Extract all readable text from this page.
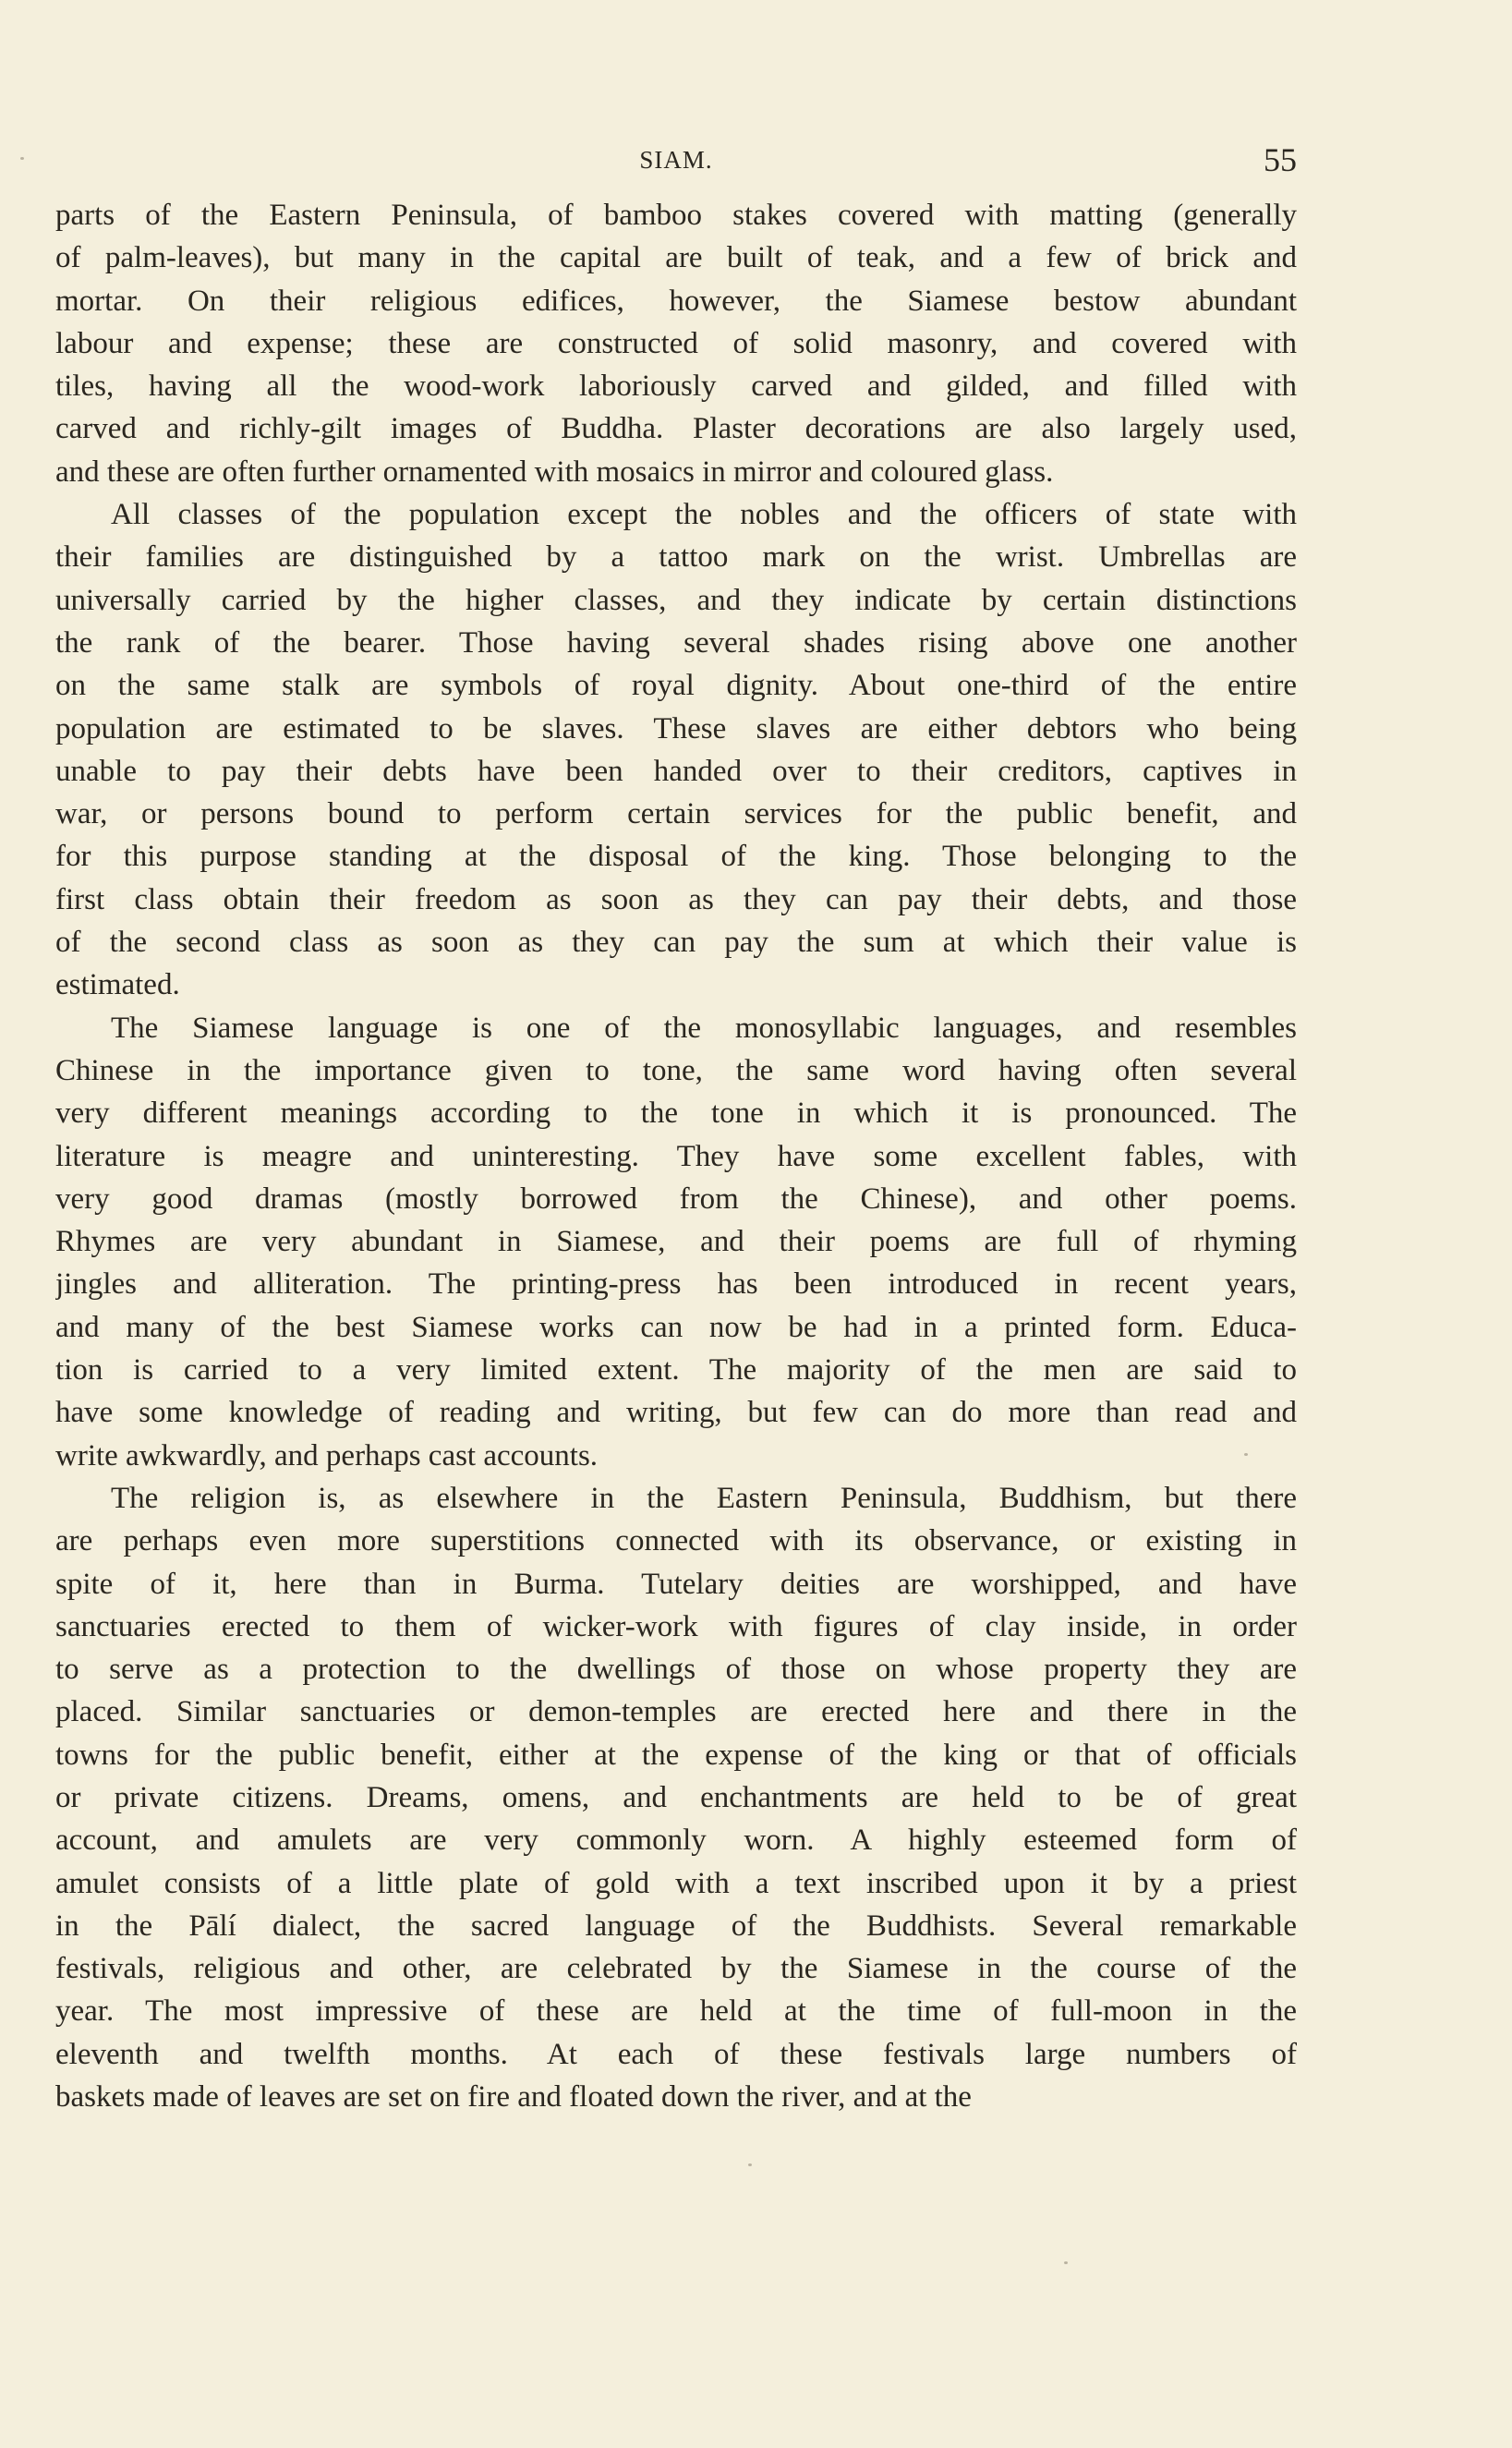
SIAM.	55
parts of the Eastern Peninsula, of bamboo stakes covered with matting (generally
of palm-leaves), but many in the capital are built of teak, and a few of brick and
mortar. On their religious edifices, however, the Siamese bestow abundant
labour and expense; these are constructed of solid masonry, and covered with
tiles, having all the wood-work laboriously carved and gilded, and filled with
carved and richly-gilt images of Buddha. Plaster decorations are also largely used,
and these are often further ornamented with mosaics in mirror and coloured glass.
All classes of the population except the nobles and the officers of state with
their families are distinguished by a tattoo mark on the wrist. Umbrellas are
universally carried by the higher classes, and they indicate by certain distinctions
the rank of the bearer. Those having several shades rising above one another
on the same stalk are symbols of royal dignity. About one-third of the entire
population are estimated to be slaves. These slaves are either debtors who being
unable to pay their debts have been handed over to their creditors, captives in
war, or persons bound to perform certain services for the public benefit, and
for this purpose standing at the disposal of the king. Those belonging to the
first class obtain their freedom as soon as they can pay their debts, and those
of the second class as soon as they can pay the sum at which their value is
estimated.
The Siamese language is one of the monosyllabic languages, and resembles
Chinese in the importance given to tone, the same word having often several
very different meanings according to the tone in which it is pronounced. The
literature is meagre and uninteresting. They have some excellent fables, with
very good dramas (mostly borrowed from the Chinese), and other poems.
Rhymes are very abundant in Siamese, and their poems are full of rhyming
jingles and alliteration. The printing-press has been introduced in recent years,
and many of the best Siamese works can now be had in a printed form. Educa-
tion is carried to a very limited extent. The majority of the men are said to
have some knowledge of reading and writing, but few can do more than read and
write awkwardly, and perhaps cast accounts.
The religion is, as elsewhere in the Eastern Peninsula, Buddhism, but there
are perhaps even more superstitions connected with its observance, or existing in
spite of it, here than in Burma. Tutelary deities are worshipped, and have
sanctuaries erected to them of wicker-work with figures of clay inside, in order
to serve as a protection to the dwellings of those on whose property they are
placed. Similar sanctuaries or demon-temples are erected here and there in the
towns for the public benefit, either at the expense of the king or that of officials
or private citizens. Dreams, omens, and enchantments are held to be of great
account, and amulets are very commonly worn. A highly esteemed form of
amulet consists of a little plate of gold with a text inscribed upon it by a priest
in the Pālí dialect, the sacred language of the Buddhists. Several remarkable
festivals, religious and other, are celebrated by the Siamese in the course of the
year. The most impressive of these are held at the time of full-moon in the
eleventh and twelfth months. At each of these festivals large numbers of
baskets made of leaves are set on fire and floated down the river, and at the
